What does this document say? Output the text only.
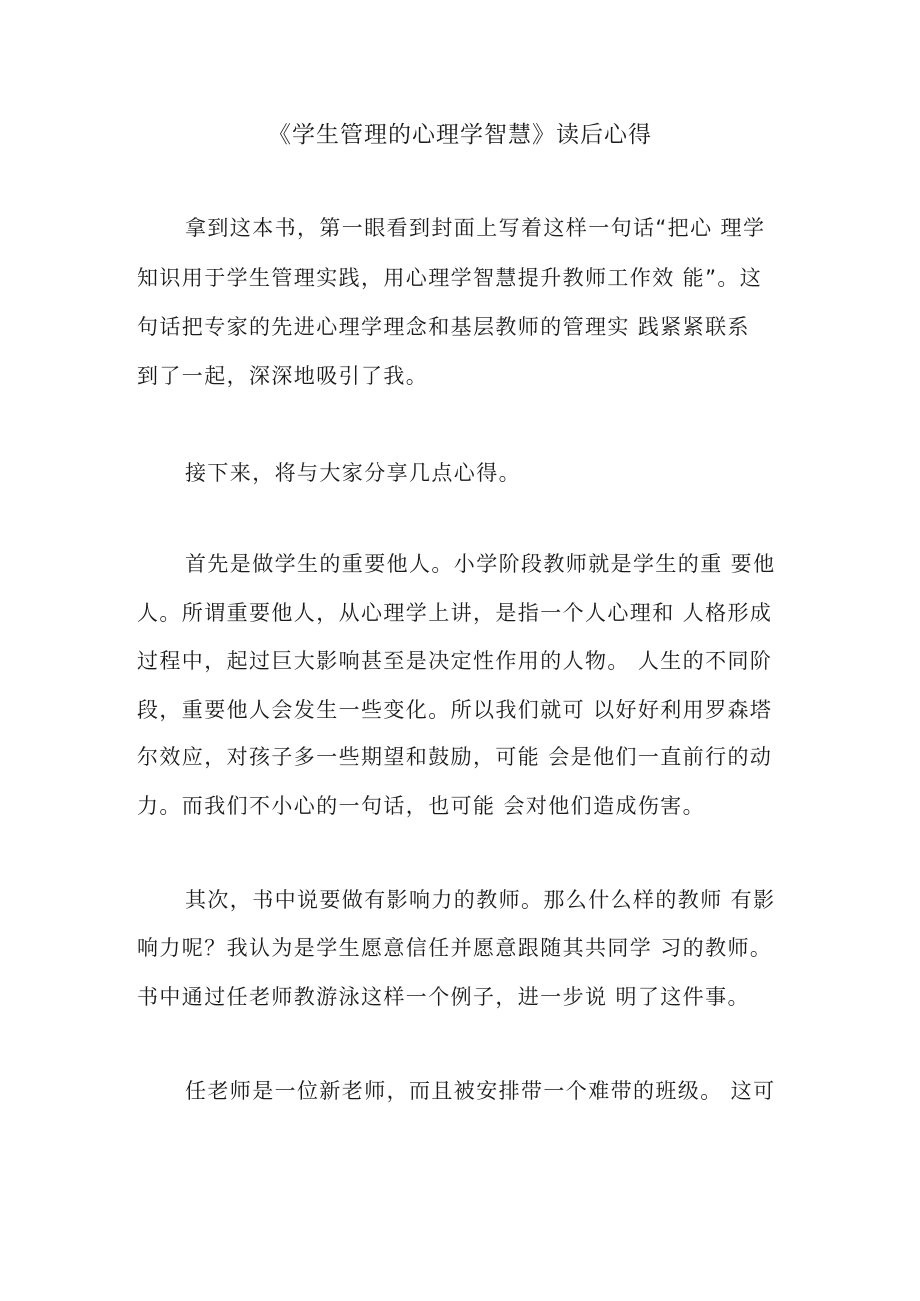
《学生管理的心理学智慧》读后心得
拿到这本书，第一眼看到封面上写着这样一句话“把心 理学
知识用于学生管理实践，用心理学智慧提升教师工作效 能”。这
句话把专家的先进心理学理念和基层教师的管理实 践紧紧联系
到了一起，深深地吸引了我。
接下来，将与大家分享几点心得。
首先是做学生的重要他人。小学阶段教师就是学生的重 要他
人。所谓重要他人，从心理学上讲，是指一个人心理和 人格形成
过程中，起过巨大影响甚至是决定性作用的人物。 人生的不同阶
段，重要他人会发生一些变化。所以我们就可 以好好利用罗森塔
尔效应，对孩子多一些期望和鼓励，可能 会是他们一直前行的动
力。而我们不小心的一句话，也可能 会对他们造成伤害。
其次，书中说要做有影响力的教师。那么什么样的教师 有影
响力呢？我认为是学生愿意信任并愿意跟随其共同学 习的教师。
书中通过任老师教游泳这样一个例子，进一步说 明了这件事。
任老师是一位新老师，而且被安排带一个难带的班级。 这可
